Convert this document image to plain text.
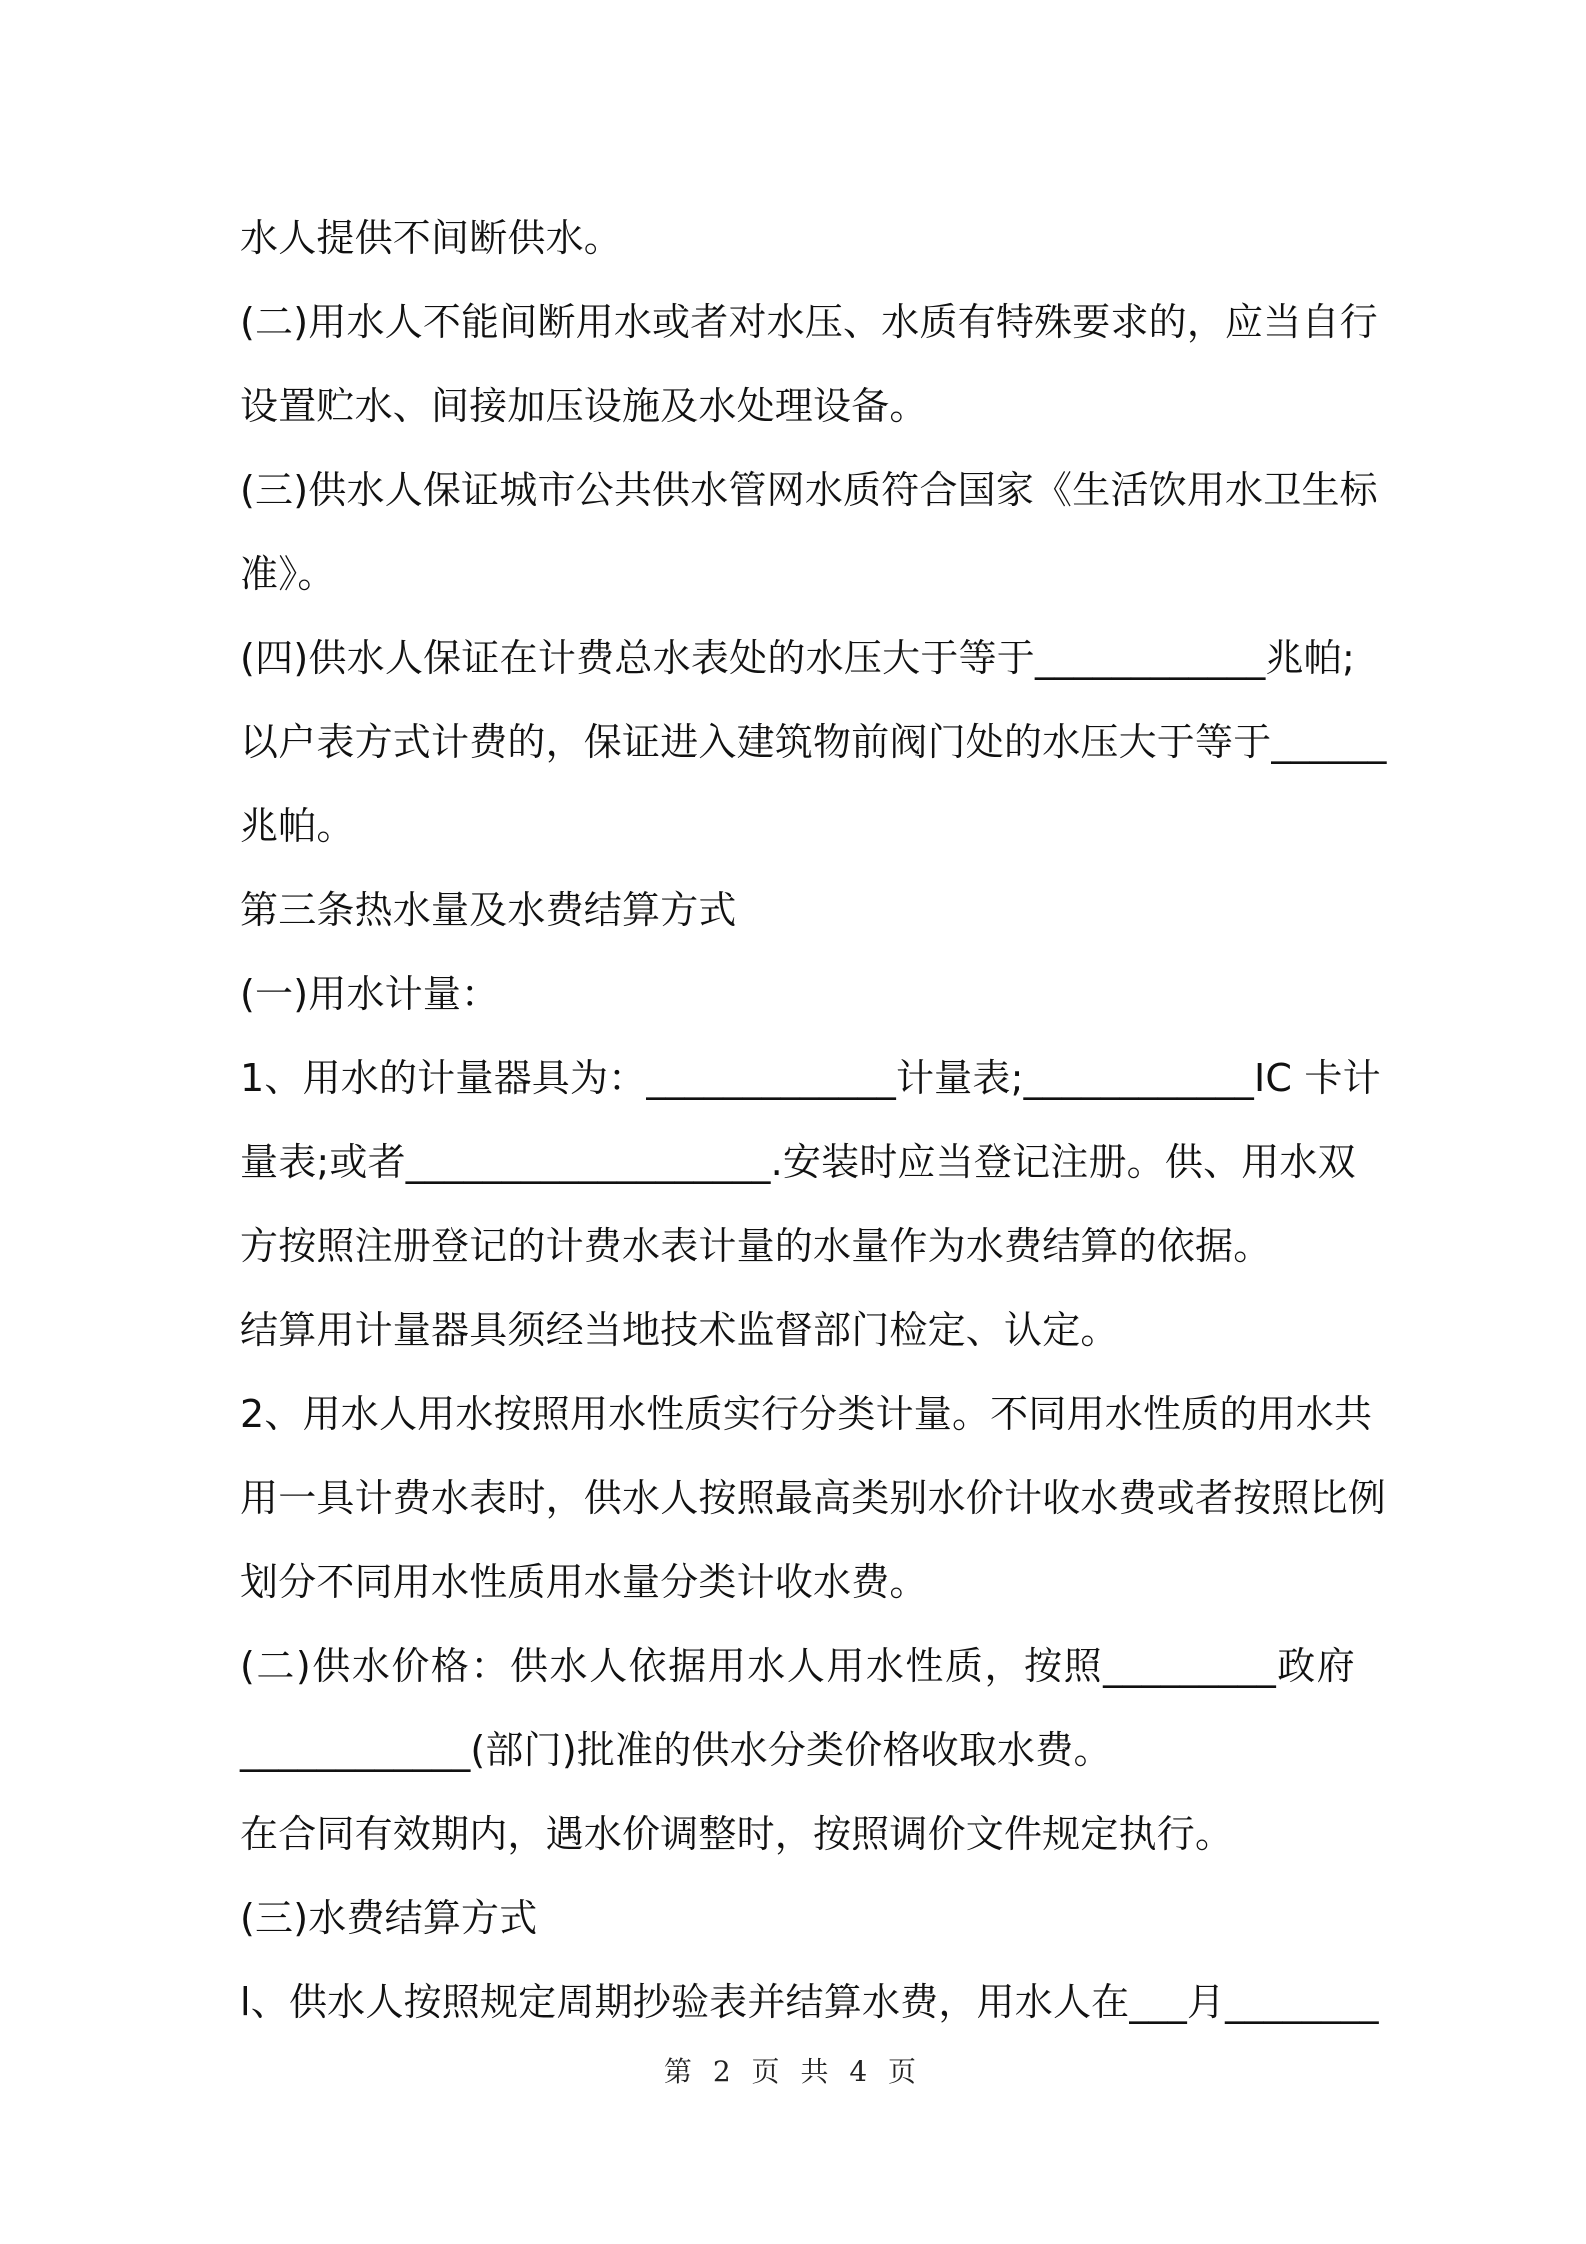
水人提供不间断供水。
(二)用水人不能间断用水或者对水压、水质有特殊要求的，应当自行
设置贮水、间接加压设施及水处理设备。
(三)供水人保证城市公共供水管网水质符合国家《生活饮用水卫生标
准》。
(四)供水人保证在计费总水表处的水压大于等于____________兆帕;
以户表方式计费的，保证进入建筑物前阀门处的水压大于等于______
兆帕。
第三条热水量及水费结算方式
(一)用水计量：
1、用水的计量器具为：_____________计量表;____________IC 卡计
量表;或者___________________.安装时应当登记注册。供、用水双
方按照注册登记的计费水表计量的水量作为水费结算的依据。
结算用计量器具须经当地技术监督部门检定、认定。
2、用水人用水按照用水性质实行分类计量。不同用水性质的用水共
用一具计费水表时，供水人按照最高类别水价计收水费或者按照比例
划分不同用水性质用水量分类计收水费。
(二)供水价格：供水人依据用水人用水性质，按照_________政府
____________(部门)批准的供水分类价格收取水费。
在合同有效期内，遇水价调整时，按照调价文件规定执行。
(三)水费结算方式
l、供水人按照规定周期抄验表并结算水费，用水人在___月________
第 2 页 共 4 页
